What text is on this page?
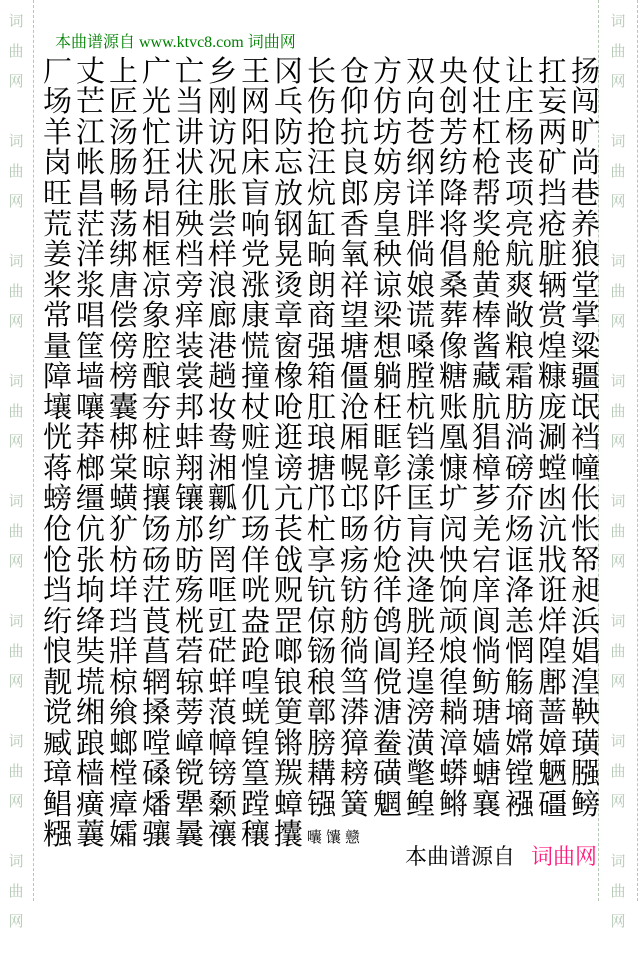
词
曲
网
词
曲
网
词
曲
网
词
曲
网
词
曲
网
词
曲
网
词
曲
网
词
曲
网
词
曲
网
词
曲
网
词
曲
网
词
曲
网
词
曲
网
词
曲
网
词
曲
网
词
曲
网
本曲谱源自 www.ktvc8.com 词曲网
厂 丈 上 广 亡 乡 王 冈 长 仓 方 双 央 仗 让 扛 扬
场 芒 匠 光 当 刚 网 乓 伤 仰 仿 向 创 壮 庄 妄 闯
羊 江 汤 忙 讲 访 阳 防 抢 抗 坊 苍 芳 杠 杨 两 旷
岗 帐 肠 狂 状 况 床 忘 汪 良 妨 纲 纺 枪 丧 矿 尚
旺 昌 畅 昂 往 胀 盲 放 炕 郎 房 详 降 帮 项 挡 巷
荒 茫 荡 相 殃 尝 响 钢 缸 香 皇 胖 将 奖 亮 疮 养
姜 洋 绑 框 档 样 党 晃 晌 氧 秧 倘 倡 舱 航 脏 狼
桨 浆 唐 凉 旁 浪 涨 烫 朗 祥 谅 娘 桑 黄 爽 辆 堂
常 唱 偿 象 痒 廊 康 章 商 望 梁 谎 葬 棒 敞 赏 掌
量 筐 傍 腔 装 港 慌 窗 强 塘 想 嗓 像 酱 粮 煌 粱
障 墙 榜 酿 裳 趟 撞 橡 箱 僵 躺 膛 糖 藏 霜 糠 疆
壤 嚷 囊 夯 邦 妆 杖 呛 肛 沧 枉 杭 账 肮 肪 庞 氓
恍 莽 梆 桩 蚌 鸯 赃 逛 琅 厢 眶 铛 凰 猖 淌 涮 裆
蒋 榔 棠 晾 翔 湘 惶 谤 搪 幌 彰 漾 慷 樟 磅 螳 幢
螃 缰 蟥 攘 镶 瓤 仉 亢 邝 邙 阡 匡 圹 芗 夼 凼 伥
伧 伉 犷 饧 邡 纩 玚 苌 杧 旸 彷 肓 闶 羌 炀 沆 怅
怆 张 枋 砀 昉 罔 佯 戗 享 疡 炝 泱 怏 宕 诓 戕 帑
垱 垧 垟 茳 殇 哐 咣 贶 钪 钫 徉 逄 饷 庠 洚 诳 昶
绗 绛 珰 莨 桄 豇 盎 罡 倞 舫 鸧 胱 颃 阆 恙 烊 浜
悢 奘 牂 菖 菪 硭 跄 啷 铴 徜 阊 羟 烺 惝 惘 隍 娼
靓 塃 椋 辋 辌 蛘 喤 锒 稂 筜 傥 遑 徨 鲂 觞 鄌 湟
谠 缃 飨 搡 蒡 蒗 蜣 筻 鄣 漭 溏 滂 耥 瑭 墒 蔷 鞅
臧 踉 螂 嘡 嶂 幛 锽 锵 膀 獐 鲞 潢 漳 嫱 嫦 嫜 璜
璋 樯 樘 磉 镋 镑 篁 羰 耩 耪 磺 氅 蟒 螗 镗 魉 膙
鲳 癀 瘴 燔 犟 颡 蹚 蟑 镪 簧 魍 鳇 鳉 襄 襁 礓 鳑
糨 蘘 孀 骧 曩 禳 穰 攮 囔 馕 戆
本曲谱源自 词曲网
